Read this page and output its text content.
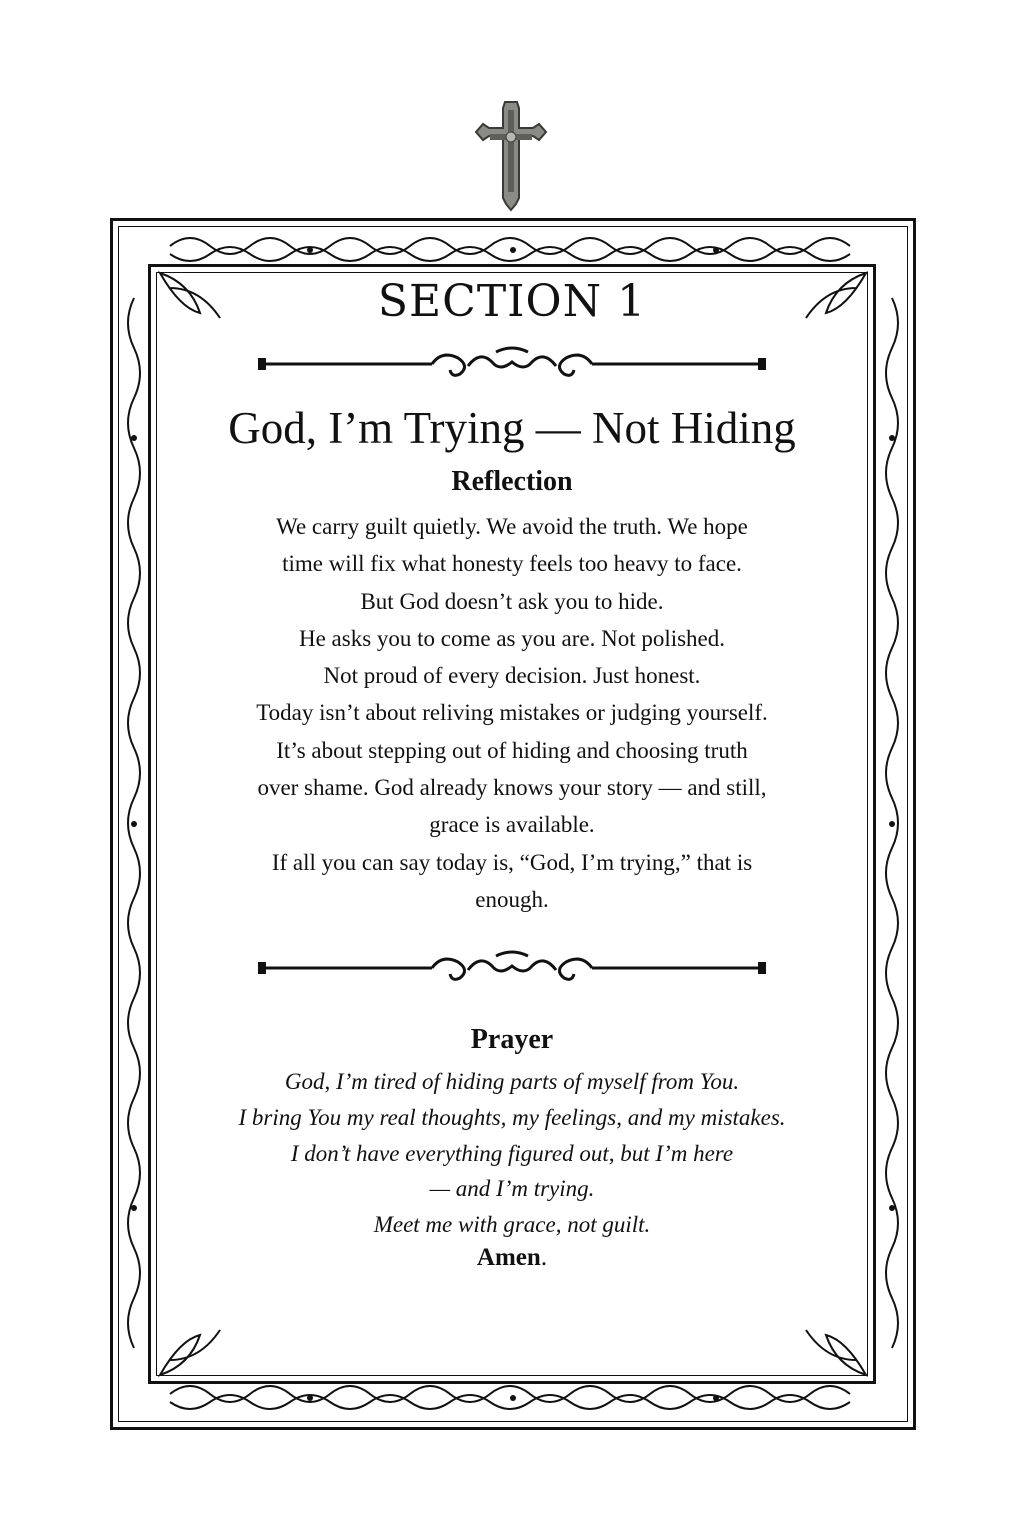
SECTION 1
God, I’m Trying — Not Hiding
Reflection
We carry guilt quietly. We avoid the truth. We hope
time will fix what honesty feels too heavy to face.
But God doesn’t ask you to hide.
He asks you to come as you are. Not polished.
Not proud of every decision. Just honest.
Today isn’t about reliving mistakes or judging yourself.
It’s about stepping out of hiding and choosing truth
over shame. God already knows your story — and still,
grace is available.
If all you can say today is, “God, I’m trying,” that is
enough.
Prayer
God, I’m tired of hiding parts of myself from You.
I bring You my real thoughts, my feelings, and my mistakes.
I don’t have everything figured out, but I’m here
— and I’m trying.
Meet me with grace, not guilt.
Amen.
